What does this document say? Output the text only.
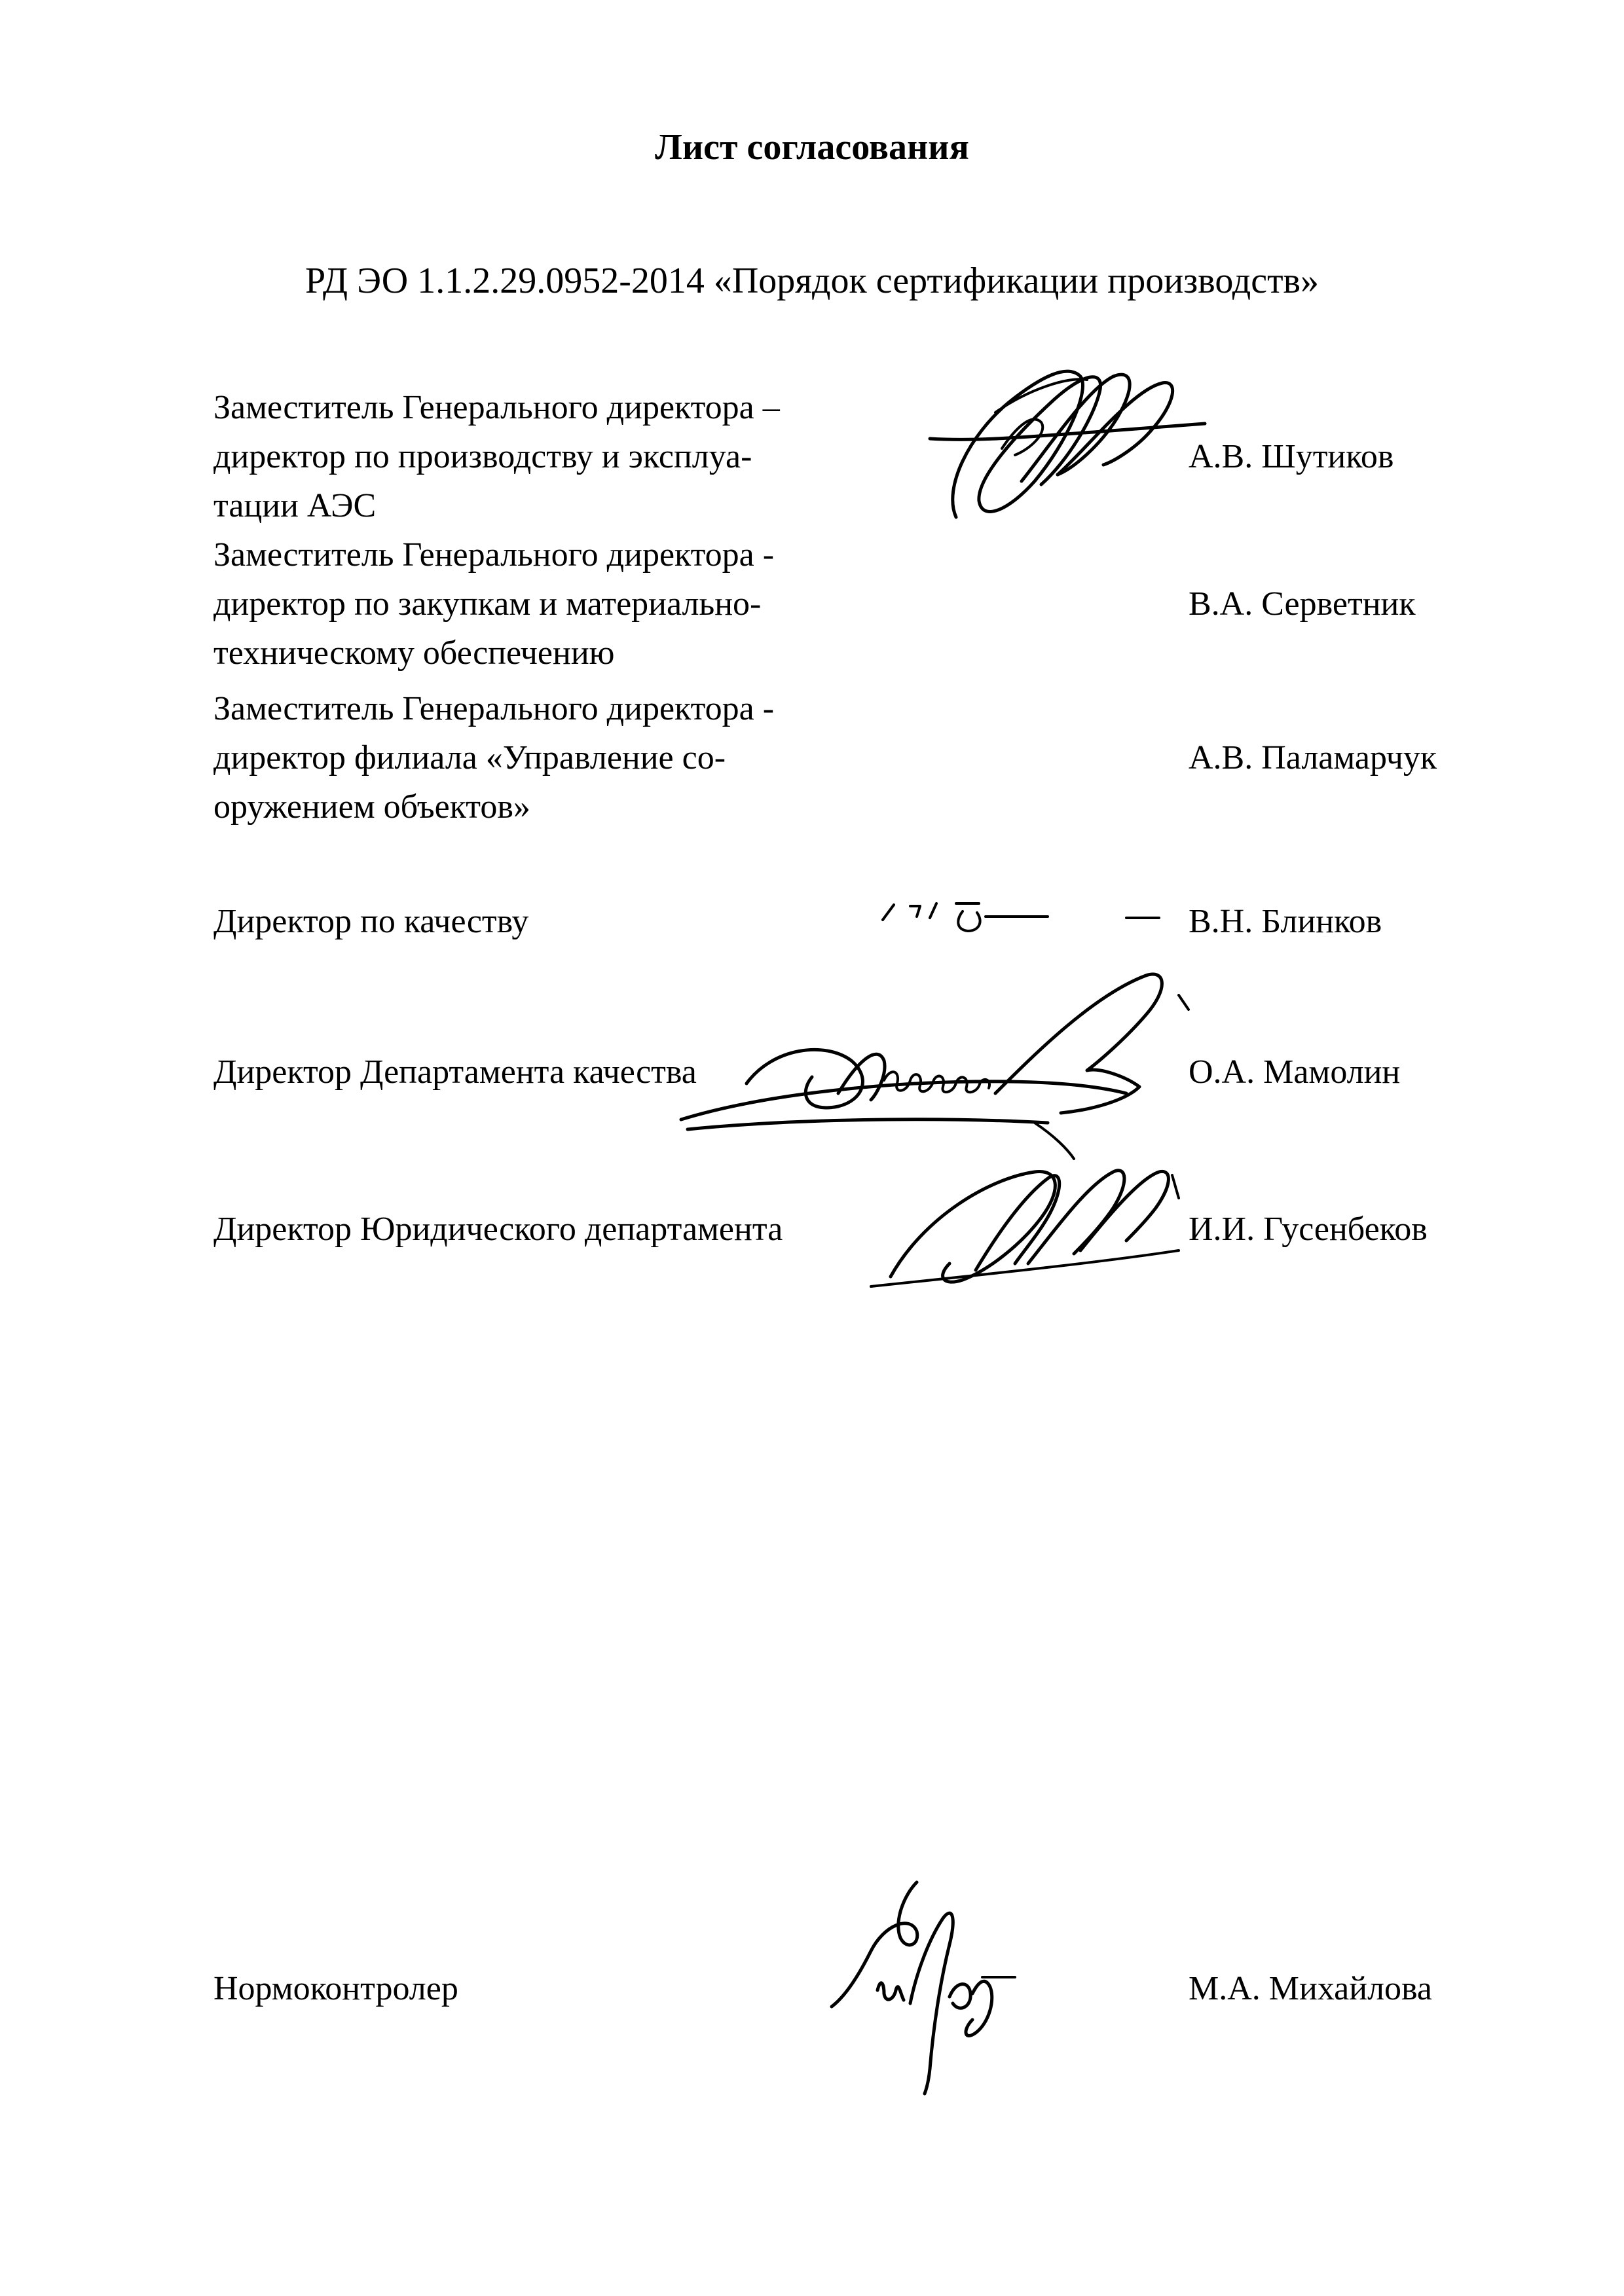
Лист согласования
РД ЭО 1.1.2.29.0952-2014 «Порядок сертификации производств»
Заместитель Генерального директора –
директор по производству и эксплуа-
тации АЭС
А.В. Шутиков
Заместитель Генерального директора -
директор по закупкам и материально-
техническому обеспечению
В.А. Серветник
Заместитель Генерального директора -
директор филиала «Управление со-
оружением объектов»
А.В. Паламарчук
Директор по качеству	В.Н. Блинков
Директор Департамента качества	О.А. Мамолин
Директор Юридического департамента	И.И. Гусенбеков
Нормоконтролер	М.А. Михайлова
